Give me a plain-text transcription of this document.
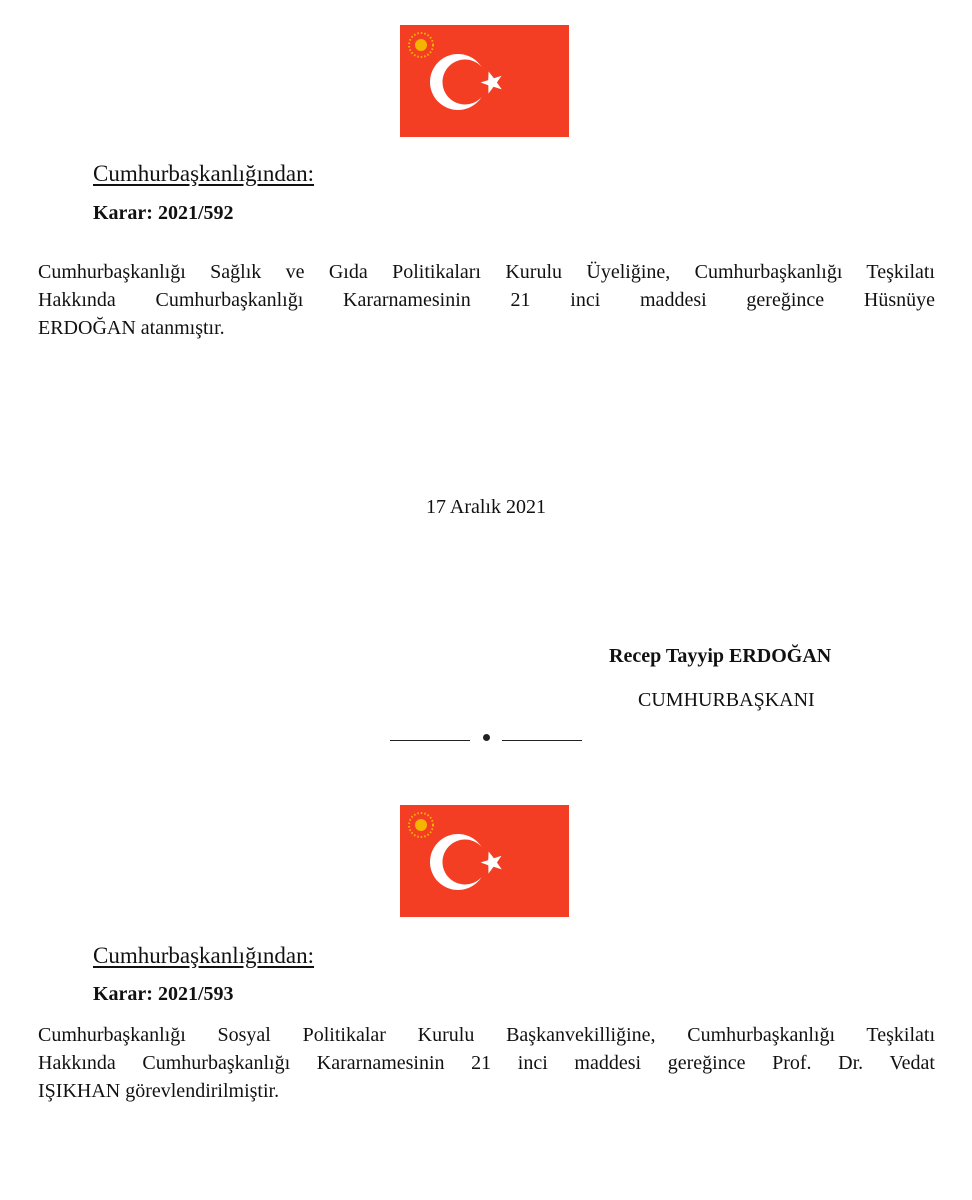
Cumhurbaşkanlığından:
Karar: 2021/592
Cumhurbaşkanlığı Sağlık ve Gıda Politikaları Kurulu Üyeliğine, Cumhurbaşkanlığı Teşkilatı
Hakkında Cumhurbaşkanlığı Kararnamesinin 21 inci maddesi gereğince Hüsnüye
ERDOĞAN atanmıştır.
17 Aralık 2021
Recep Tayyip ERDOĞAN
CUMHURBAŞKANI
Cumhurbaşkanlığından:
Karar: 2021/593
Cumhurbaşkanlığı Sosyal Politikalar Kurulu Başkanvekilliğine, Cumhurbaşkanlığı Teşkilatı
Hakkında Cumhurbaşkanlığı Kararnamesinin 21 inci maddesi gereğince Prof. Dr. Vedat
IŞIKHAN görevlendirilmiştir.
